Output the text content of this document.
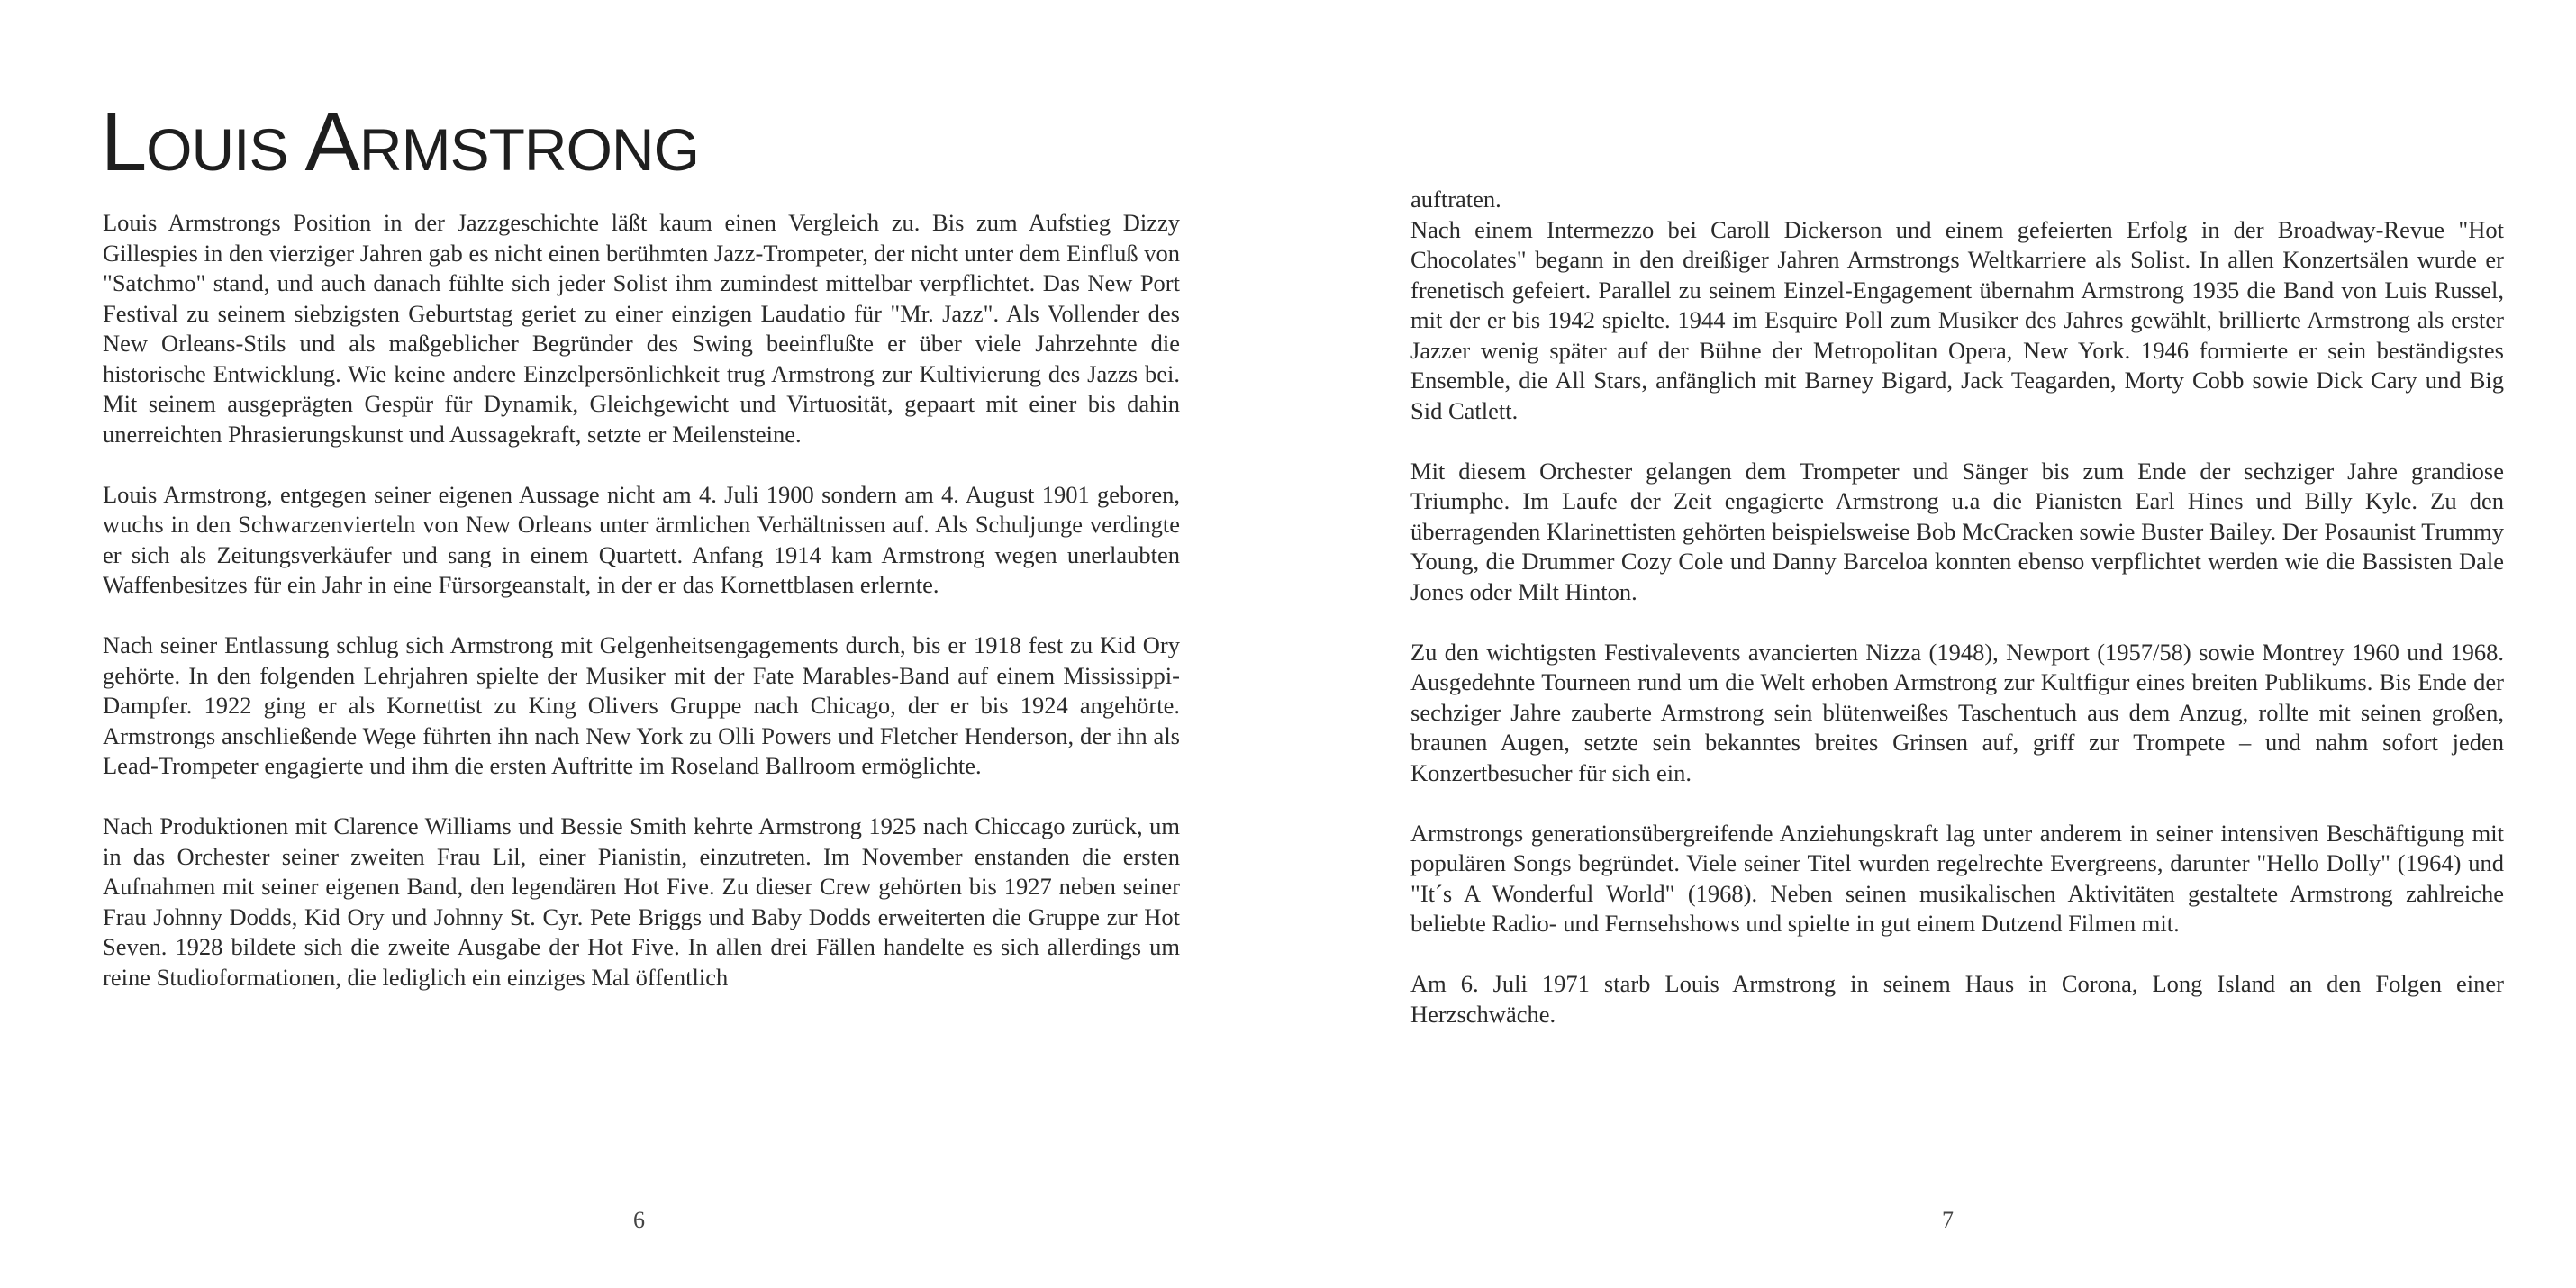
LOUIS ARMSTRONG

Louis Armstrongs Position in der Jazzgeschichte läßt kaum einen Vergleich zu. Bis zum Aufstieg Dizzy Gillespies in den vierziger Jahren gab es nicht einen berühmten Jazz-Trompeter, der nicht unter dem Einfluß von "Satchmo" stand, und auch danach fühlte sich jeder Solist ihm zumindest mittelbar verpflichtet. Das New Port Festival zu seinem siebzigsten Geburtstag geriet zu einer einzigen Laudatio für "Mr. Jazz". Als Vollender des New Orleans-Stils und als maßgeblicher Begründer des Swing beeinflußte er über viele Jahrzehnte die historische Entwicklung. Wie keine andere Einzelpersönlichkeit trug Armstrong zur Kultivierung des Jazzs bei. Mit seinem ausgeprägten Gespür für Dynamik, Gleichgewicht und Virtuosität, gepaart mit einer bis dahin unerreichten Phrasierungskunst und Aussagekraft, setzte er Meilensteine.

Louis Armstrong, entgegen seiner eigenen Aussage nicht am 4. Juli 1900 sondern am 4. August 1901 geboren, wuchs in den Schwarzenvierteln von New Orleans unter ärmlichen Verhältnissen auf. Als Schuljunge verdingte er sich als Zeitungsverkäufer und sang in einem Quartett. Anfang 1914 kam Armstrong wegen unerlaubten Waffenbesitzes für ein Jahr in eine Fürsorgeanstalt, in der er das Kornettblasen erlernte.

Nach seiner Entlassung schlug sich Armstrong mit Gelgenheitsengagements durch, bis er 1918 fest zu Kid Ory gehörte. In den folgenden Lehrjahren spielte der Musiker mit der Fate Marables-Band auf einem Mississippi-Dampfer. 1922 ging er als Kornettist zu King Olivers Gruppe nach Chicago, der er bis 1924 angehörte. Armstrongs anschließende Wege führten ihn nach New York zu Olli Powers und Fletcher Henderson, der ihn als Lead-Trompeter engagierte und ihm die ersten Auftritte im Roseland Ballroom ermöglichte.

Nach Produktionen mit Clarence Williams und Bessie Smith kehrte Armstrong 1925 nach Chiccago zurück, um in das Orchester seiner zweiten Frau Lil, einer Pianistin, einzutreten. Im November enstanden die ersten Aufnahmen mit seiner eigenen Band, den legendären Hot Five. Zu dieser Crew gehörten bis 1927 neben seiner Frau Johnny Dodds, Kid Ory und Johnny St. Cyr. Pete Briggs und Baby Dodds erweiterten die Gruppe zur Hot Seven. 1928 bildete sich die zweite Ausgabe der Hot Five. In allen drei Fällen handelte es sich allerdings um reine Studioformationen, die lediglich ein einziges Mal öffentlich

6

auftraten.

Nach einem Intermezzo bei Caroll Dickerson und einem gefeierten Erfolg in der Broadway-Revue "Hot Chocolates" begann in den dreißiger Jahren Armstrongs Weltkarriere als Solist. In allen Konzertsälen wurde er frenetisch gefeiert. Parallel zu seinem Einzel-Engagement übernahm Armstrong 1935 die Band von Luis Russel, mit der er bis 1942 spielte. 1944 im Esquire Poll zum Musiker des Jahres gewählt, brillierte Armstrong als erster Jazzer wenig später auf der Bühne der Metropolitan Opera, New York. 1946 formierte er sein beständigstes Ensemble, die All Stars, anfänglich mit Barney Bigard, Jack Teagarden, Morty Cobb sowie Dick Cary und Big Sid Catlett.

Mit diesem Orchester gelangen dem Trompeter und Sänger bis zum Ende der sechziger Jahre grandiose Triumphe. Im Laufe der Zeit engagierte Armstrong u.a die Pianisten Earl Hines und Billy Kyle. Zu den überragenden Klarinettisten gehörten beispielsweise Bob McCracken sowie Buster Bailey. Der Posaunist Trummy Young, die Drummer Cozy Cole und Danny Barceloa konnten ebenso verpflichtet werden wie die Bassisten Dale Jones oder Milt Hinton.

Zu den wichtigsten Festivalevents avancierten Nizza (1948), Newport (1957/58) sowie Montrey 1960 und 1968. Ausgedehnte Tourneen rund um die Welt erhoben Armstrong zur Kultfigur eines breiten Publikums. Bis Ende der sechziger Jahre zauberte Armstrong sein blütenweißes Taschentuch aus dem Anzug, rollte mit seinen großen, braunen Augen, setzte sein bekanntes breites Grinsen auf, griff zur Trompete – und nahm sofort jeden Konzertbesucher für sich ein.

Armstrongs generationsübergreifende Anziehungskraft lag unter anderem in seiner intensiven Beschäftigung mit populären Songs begründet. Viele seiner Titel wurden regelrechte Evergreens, darunter "Hello Dolly" (1964) und "It´s A Wonderful World" (1968). Neben seinen musikalischen Aktivitäten gestaltete Armstrong zahlreiche beliebte Radio- und Fernsehshows und spielte in gut einem Dutzend Filmen mit.

Am 6. Juli 1971 starb Louis Armstrong in seinem Haus in Corona, Long Island an den Folgen einer Herzschwäche.

7
